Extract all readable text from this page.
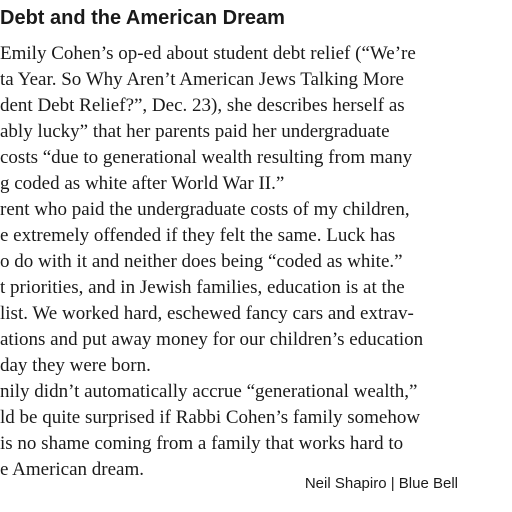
Debt and the American Dream

Emily Cohen’s op-ed about student debt relief (“We’re

ta Year. So Why Aren’t American Jews Talking More

dent Debt Relief?”, Dec. 23), she describes herself as

ably lucky” that her parents paid her undergraduate

costs “due to generational wealth resulting from many

g coded as white after World War II.”

rent who paid the undergraduate costs of my children,

e extremely offended if they felt the same. Luck has

o do with it and neither does being “coded as white.”

t priorities, and in Jewish families, education is at the

list. We worked hard, eschewed fancy cars and extrav-

ations and put away money for our children’s education

day they were born.

nily didn’t automatically accrue “generational wealth,”

ld be quite surprised if Rabbi Cohen’s family somehow

is no shame coming from a family that works hard to

e American dream.

Neil Shapiro | Blue Bell
